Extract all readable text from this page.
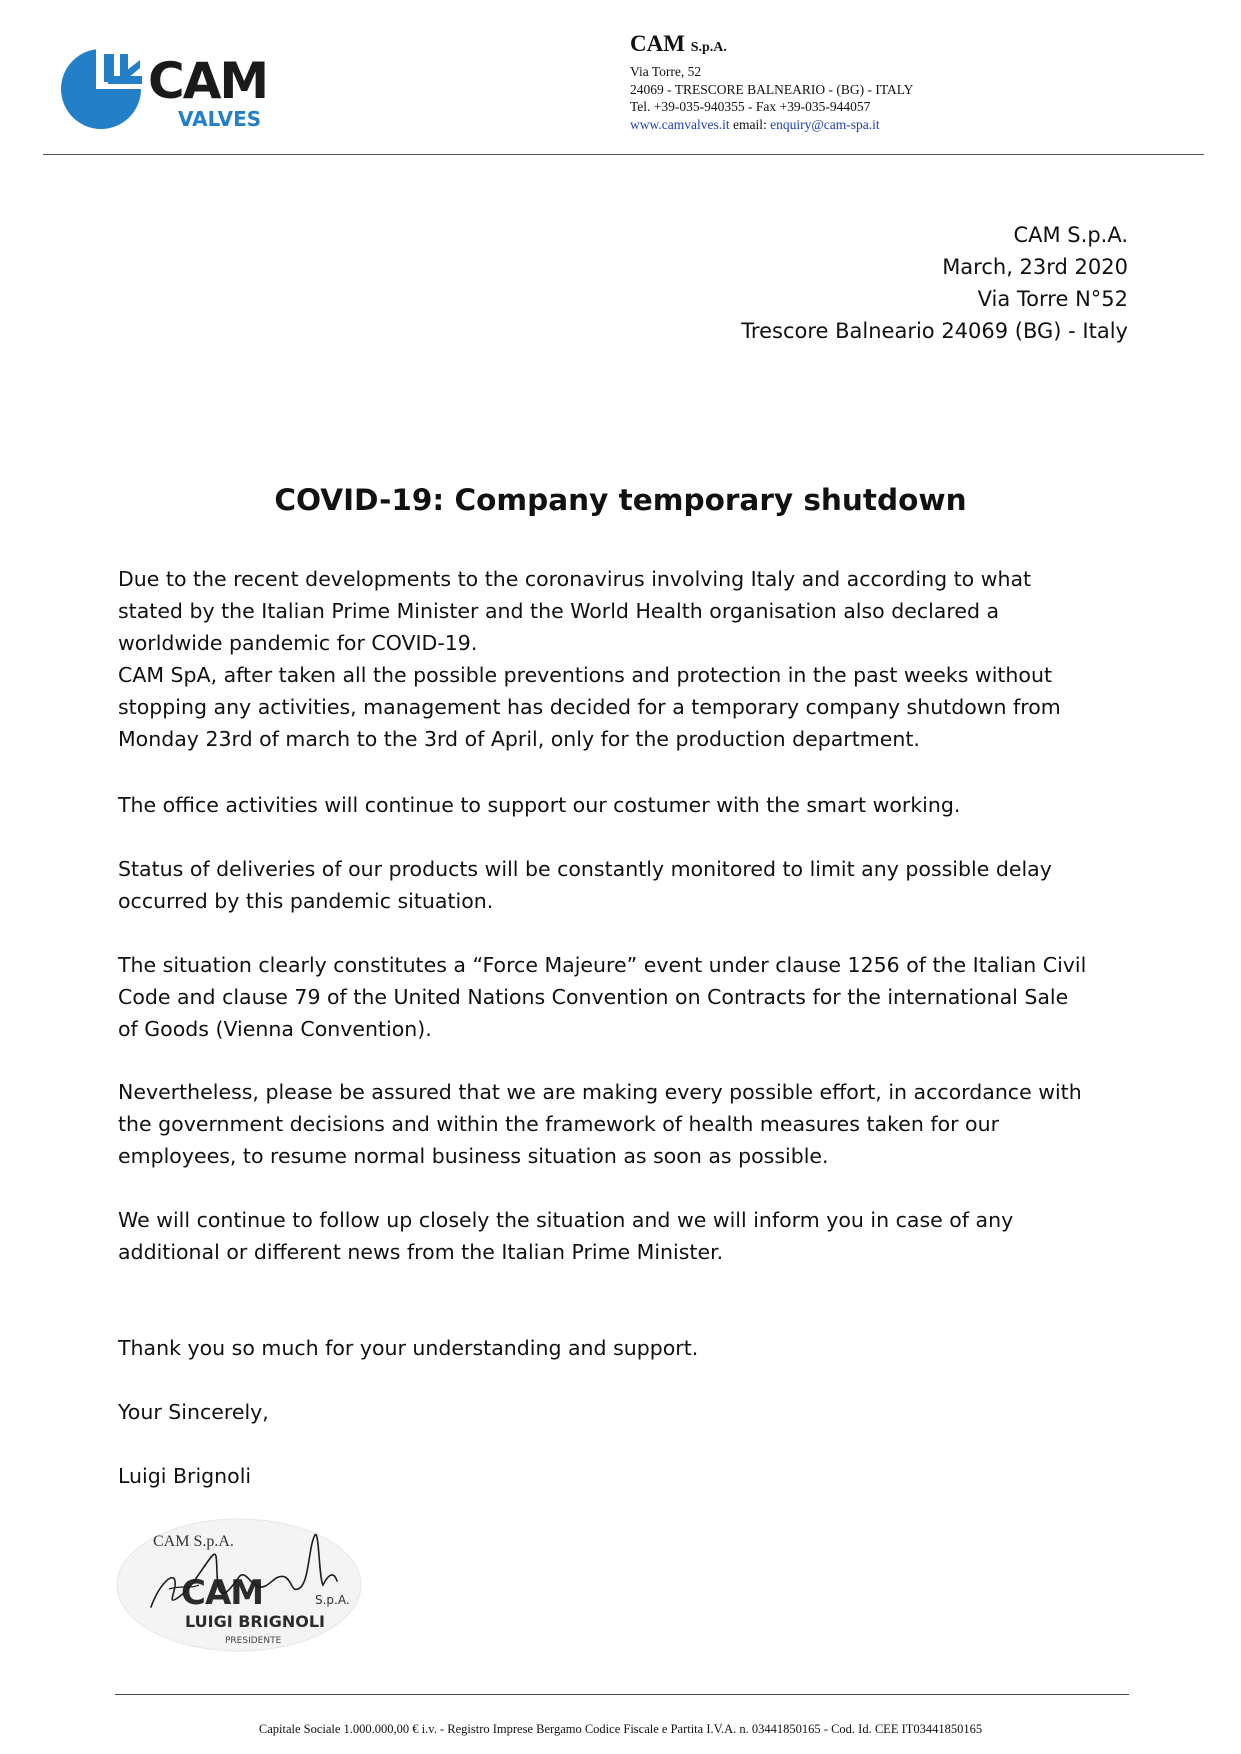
CAM
VALVES
CAM S.p.A.
Via Torre, 52
24069 - TRESCORE BALNEARIO - (BG) - ITALY
Tel. +39-035-940355 - Fax +39-035-944057
www.camvalves.it email: enquiry@cam-spa.it
CAM S.p.A.
March, 23rd 2020
Via Torre N°52
Trescore Balneario 24069 (BG) - Italy
COVID-19: Company temporary shutdown

Due to the recent developments to the coronavirus involving Italy and according to what
stated by the Italian Prime Minister and the World Health organisation also declared a
worldwide pandemic for COVID-19.
CAM SpA, after taken all the possible preventions and protection in the past weeks without
stopping any activities, management has decided for a temporary company shutdown from
Monday 23rd of march to the 3rd of April, only for the production department.

The office activities will continue to support our costumer with the smart working.

Status of deliveries of our products will be constantly monitored to limit any possible delay
occurred by this pandemic situation.

The situation clearly constitutes a “Force Majeure” event under clause 1256 of the Italian Civil
Code and clause 79 of the United Nations Convention on Contracts for the international Sale
of Goods (Vienna Convention).

Nevertheless, please be assured that we are making every possible effort, in accordance with
the government decisions and within the framework of health measures taken for our
employees, to resume normal business situation as soon as possible.

We will continue to follow up closely the situation and we will inform you in case of any
additional or different news from the Italian Prime Minister.

Thank you so much for your understanding and support.

Your Sincerely,

Luigi Brignoli

CAM S.p.A.
CAM	S.p.A.
LUIGI BRIGNOLI
PRESIDENTE
Capitale Sociale 1.000.000,00 € i.v. - Registro Imprese Bergamo Codice Fiscale e Partita I.V.A. n. 03441850165 - Cod. Id. CEE IT03441850165
